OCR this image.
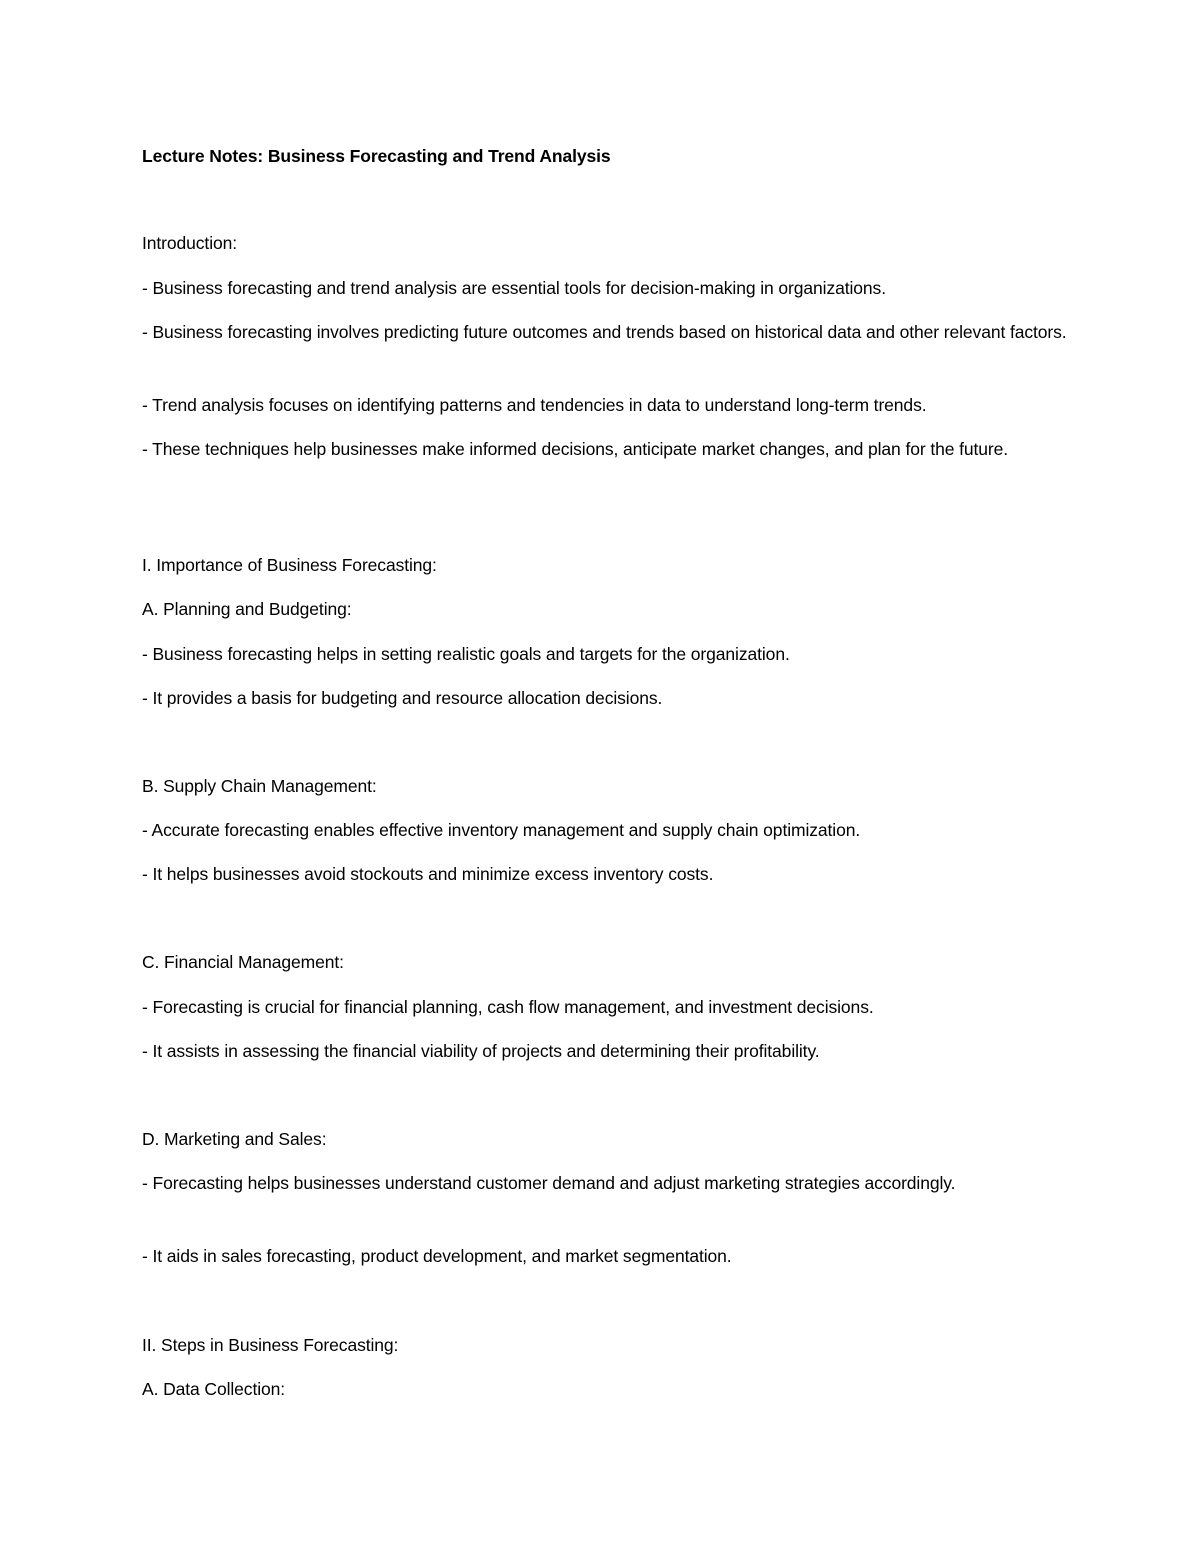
Lecture Notes: Business Forecasting and Trend Analysis
Introduction:
- Business forecasting and trend analysis are essential tools for decision-making in organizations.
- Business forecasting involves predicting future outcomes and trends based on historical data and other relevant factors.
- Trend analysis focuses on identifying patterns and tendencies in data to understand long-term trends.
- These techniques help businesses make informed decisions, anticipate market changes, and plan for the future.
I. Importance of Business Forecasting:
A. Planning and Budgeting:
- Business forecasting helps in setting realistic goals and targets for the organization.
- It provides a basis for budgeting and resource allocation decisions.
B. Supply Chain Management:
- Accurate forecasting enables effective inventory management and supply chain optimization.
- It helps businesses avoid stockouts and minimize excess inventory costs.
C. Financial Management:
- Forecasting is crucial for financial planning, cash flow management, and investment decisions.
- It assists in assessing the financial viability of projects and determining their profitability.
D. Marketing and Sales:
- Forecasting helps businesses understand customer demand and adjust marketing strategies accordingly.
- It aids in sales forecasting, product development, and market segmentation.
II. Steps in Business Forecasting:
A. Data Collection:
